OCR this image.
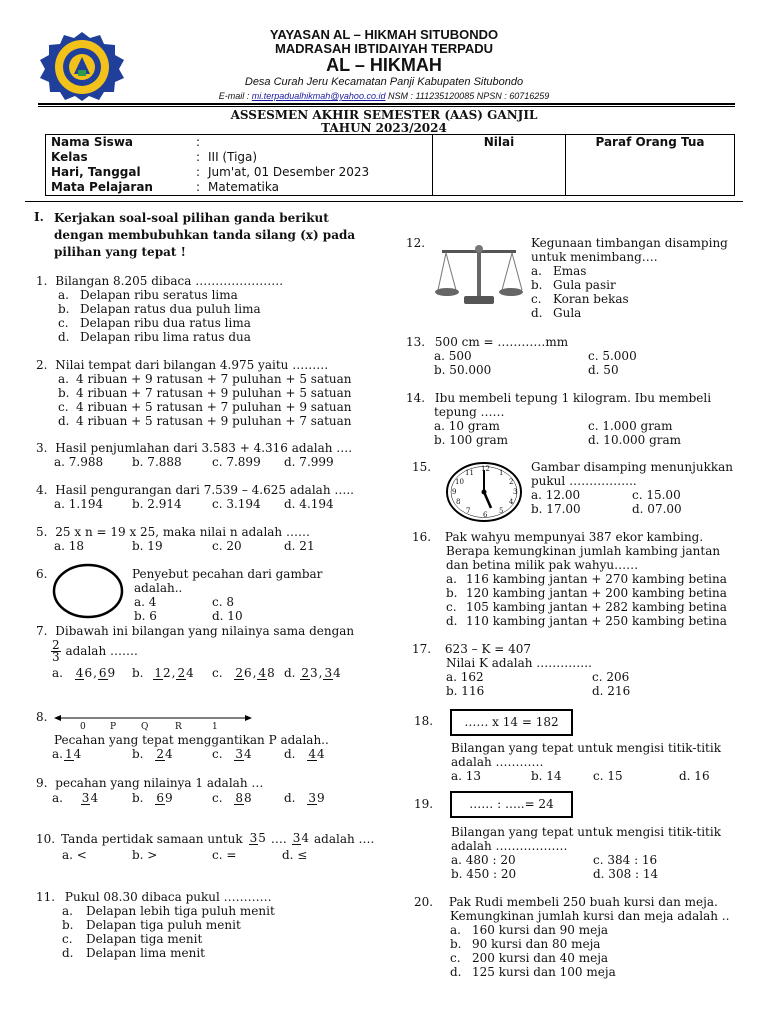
YAYASAN AL – HIKMAH SITUBONDO
MADRASAH IBTIDAIYAH TERPADU
AL – HIKMAH
Desa Curah Jeru Kecamatan Panji Kabupaten Situbondo
E-mail : mi.terpadualhikmah@yahoo.co.id NSM : 111235120085 NPSN : 60716259
ASSESMEN AKHIR SEMESTER (AAS) GANJIL
TAHUN 2023/2024
Nama Siswa	:
Kelas	: III (Tiga)
Hari, Tanggal	: Jum'at, 01 Desember 2023
Mata Pelajaran	: Matematika
	Nilai	Paraf Orang Tua
I. Kerjakan soal-soal pilihan ganda berikut
dengan membubuhkan tanda silang (x) pada
pilihan yang tepat !
1. Bilangan 8.205 dibaca ………………….
a. Delapan ribu seratus lima
b. Delapan ratus dua puluh lima
c. Delapan ribu dua ratus lima
d. Delapan ribu lima ratus dua
2. Nilai tempat dari bilangan 4.975 yaitu ………
a. 4 ribuan + 9 ratusan + 7 puluhan + 5 satuan
b. 4 ribuan + 7 ratusan + 9 puluhan + 5 satuan
c. 4 ribuan + 5 ratusan + 7 puluhan + 9 satuan
d. 4 ribuan + 5 ratusan + 9 puluhan + 7 satuan
3. Hasil penjumlahan dari 3.583 + 4.316 adalah ….
a. 7.988	b. 7.888	c. 7.899	d. 7.999
4. Hasil pengurangan dari 7.539 – 4.625 adalah …..
a. 1.194	b. 2.914	c. 3.194	d. 4.194
5. 25 x n = 19 x 25, maka nilai n adalah ……
a. 18	b. 19	c. 20	d. 21
6.	Penyebut pecahan dari gambar
adalah..
a. 4	c. 8
b. 6	d. 10
7. Dibawah ini bilangan yang nilainya sama dengan
$\frac{2}{3}$ adalah …….
a. 46, 69	b. 12, 24	c. 26, 48 d. 23, 34
8.
0	P	Q	R	1
Pecahan yang tepat menggantikan P adalah..
a. 14	b. 24	c. 34	d. 44
9. pecahan yang nilainya 1 adalah …
a. 34	b. 69	c. 88	d. 39
10. Tanda pertidak samaan untuk 35 …. 34 adalah ….
a. <	b. >	c. =	d. ≤
11. Pukul 08.30 dibaca pukul …………
a.	Delapan lebih tiga puluh menit
b.	Delapan tiga puluh menit
c.	Delapan tiga menit
d.	Delapan lima menit
12.	Kegunaan timbangan disamping
untuk menimbang….
a. Emas
b. Gula pasir
c. Koran bekas
d. Gula
13. 500 cm = …………mm
a. 500	c. 5.000
b. 50.000	d. 50
14. Ibu membeli tepung 1 kilogram. Ibu membeli
tepung ……
a. 10 gram	c. 1.000 gram
b. 100 gram	d. 10.000 gram
15.	12 1
2
3
4
5
6
7
8
9
10
11	Gambar disamping menunjukkan
pukul ……………..
a. 12.00	c. 15.00
b. 17.00	d. 07.00
16. Pak wahyu mempunyai 387 ekor kambing.
Berapa kemungkinan jumlah kambing jantan
dan betina milik pak wahyu……
a. 116 kambing jantan + 270 kambing betina
b. 120 kambing jantan + 200 kambing betina
c. 105 kambing jantan + 282 kambing betina
d. 110 kambing jantan + 250 kambing betina
17. 623 – K = 407
Nilai K adalah …………..
a. 162	c. 206
b. 116	d. 216
18.	…… x 14 = 182
Bilangan yang tepat untuk mengisi titik-titik
adalah …………
a. 13	b. 14	c. 15	d. 16
19.	…… : …..= 24
Bilangan yang tepat untuk mengisi titik-titik
adalah ………………
a. 480 : 20	c. 384 : 16
b. 450 : 20	d. 308 : 14
20. Pak Rudi membeli 250 buah kursi dan meja.
Kemungkinan jumlah kursi dan meja adalah ..
a. 160 kursi dan 90 meja
b. 90 kursi dan 80 meja
c. 200 kursi dan 40 meja
d. 125 kursi dan 100 meja
